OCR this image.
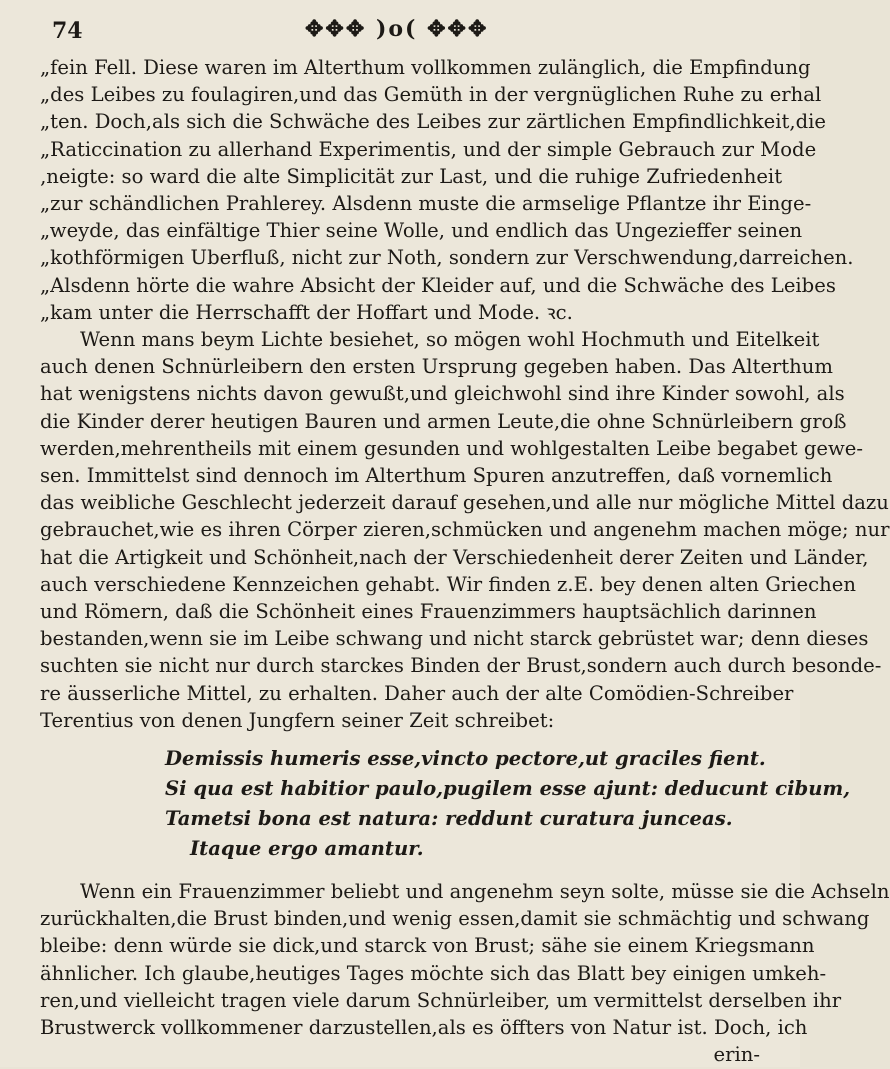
74	✥✥✥ )o( ✥✥✥
„fein Fell. Diese waren im Alterthum vollkommen zulänglich, die Empfindung
„des Leibes zu foulagiren,und das Gemüth in der vergnüglichen Ruhe zu erhal
„ten. Doch,als sich die Schwäche des Leibes zur zärtlichen Empfindlichkeit,die
„Raticcination zu allerhand Experimentis, und der simple Gebrauch zur Mode
‚neigte: so ward die alte Simplicität zur Last, und die ruhige Zufriedenheit
„zur schändlichen Prahlerey. Alsdenn muste die armselige Pflantze ihr Einge-
„weyde, das einfältige Thier seine Wolle, und endlich das Ungezieffer seinen
„kothförmigen Uberfluß, nicht zur Noth, sondern zur Verschwendung,darreichen.
„Alsdenn hörte die wahre Absicht der Kleider auf, und die Schwäche des Leibes
„kam unter die Herrschafft der Hoffart und Mode. ꝛc.
Wenn mans beym Lichte besiehet, so mögen wohl Hochmuth und Eitelkeit
auch denen Schnürleibern den ersten Ursprung gegeben haben. Das Alterthum
hat wenigstens nichts davon gewußt,und gleichwohl sind ihre Kinder sowohl, als
die Kinder derer heutigen Bauren und armen Leute,die ohne Schnürleibern groß
werden,mehrentheils mit einem gesunden und wohlgestalten Leibe begabet gewe-
sen. Immittelst sind dennoch im Alterthum Spuren anzutreffen, daß vornemlich
das weibliche Geschlecht jederzeit darauf gesehen,und alle nur mögliche Mittel dazu
gebrauchet,wie es ihren Cörper zieren,schmücken und angenehm machen möge; nur
hat die Artigkeit und Schönheit,nach der Verschiedenheit derer Zeiten und Länder,
auch verschiedene Kennzeichen gehabt. Wir finden z.E. bey denen alten Griechen
und Römern, daß die Schönheit eines Frauenzimmers hauptsächlich darinnen
bestanden,wenn sie im Leibe schwang und nicht starck gebrüstet war; denn dieses
suchten sie nicht nur durch starckes Binden der Brust,sondern auch durch besonde-
re äusserliche Mittel, zu erhalten. Daher auch der alte Comödien-Schreiber
Terentius von denen Jungfern seiner Zeit schreibet:
Demissis humeris esse,vincto pectore,ut graciles fient.
Si qua est habitior paulo,pugilem esse ajunt: deducunt cibum,
Tametsi bona est natura: reddunt curatura junceas.
Itaque ergo amantur.
Wenn ein Frauenzimmer beliebt und angenehm seyn solte, müsse sie die Achseln
zurückhalten,die Brust binden,und wenig essen,damit sie schmächtig und schwang
bleibe: denn würde sie dick,und starck von Brust; sähe sie einem Kriegsmann
ähnlicher. Ich glaube,heutiges Tages möchte sich das Blatt bey einigen umkeh-
ren,und vielleicht tragen viele darum Schnürleiber, um vermittelst derselben ihr
Brustwerck vollkommener darzustellen,als es öffters von Natur ist. Doch, ich
erin-
